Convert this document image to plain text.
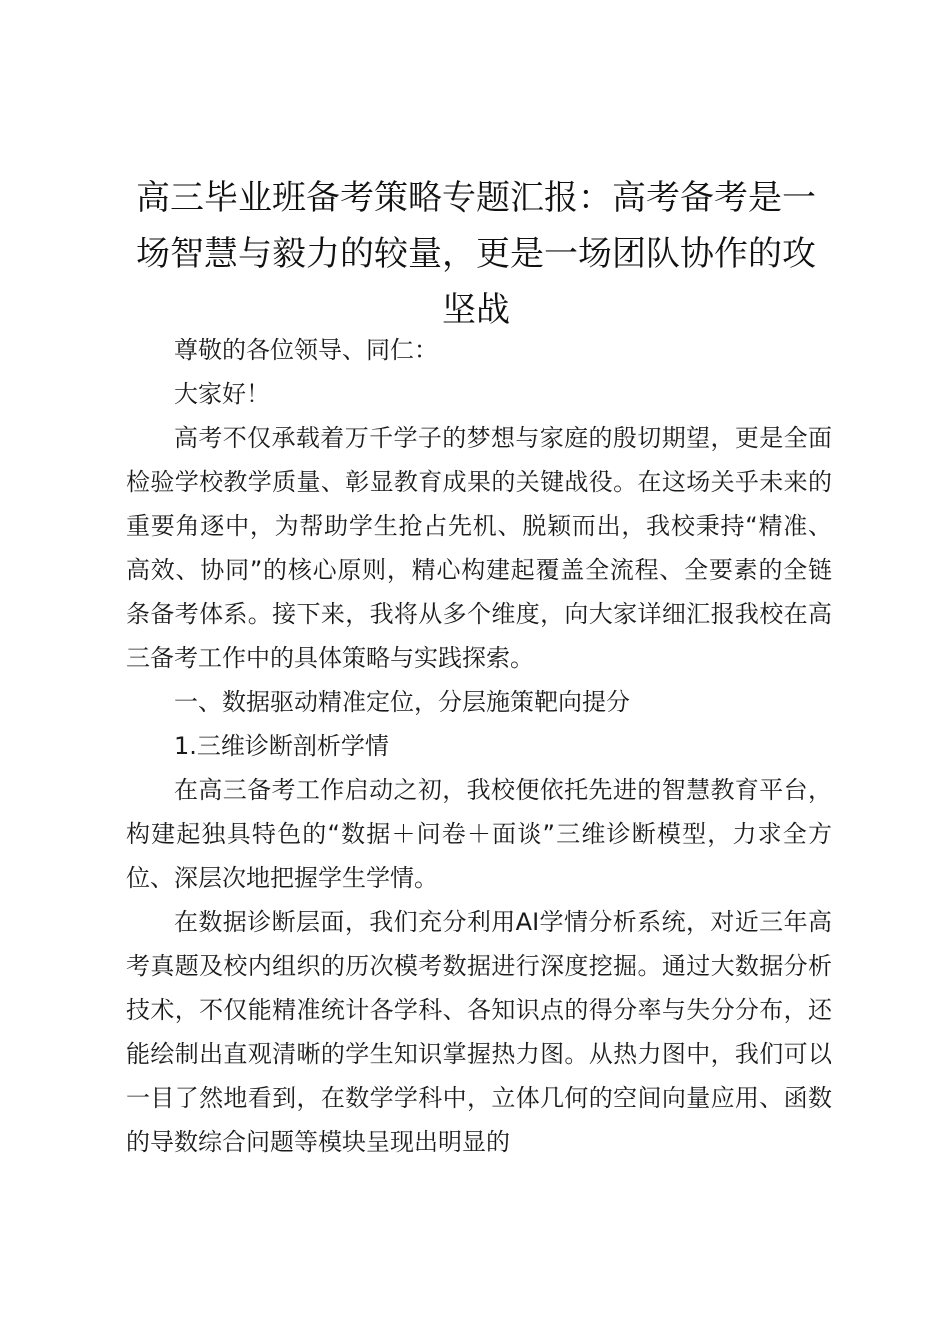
高三毕业班备考策略专题汇报：高考备考是一场智慧与毅力的较量，更是一场团队协作的攻坚战

尊敬的各位领导、同仁：

大家好！

高考不仅承载着万千学子的梦想与家庭的殷切期望，更是全面检验学校教学质量、彰显教育成果的关键战役。在这场关乎未来的重要角逐中，为帮助学生抢占先机、脱颖而出，我校秉持“精准、高效、协同”的核心原则，精心构建起覆盖全流程、全要素的全链条备考体系。接下来，我将从多个维度，向大家详细汇报我校在高三备考工作中的具体策略与实践探索。

一、数据驱动精准定位，分层施策靶向提分

1.三维诊断剖析学情

在高三备考工作启动之初，我校便依托先进的智慧教育平台，构建起独具特色的“数据＋问卷＋面谈”三维诊断模型，力求全方位、深层次地把握学生学情。

在数据诊断层面，我们充分利用AI学情分析系统，对近三年高考真题及校内组织的历次模考数据进行深度挖掘。通过大数据分析技术，不仅能精准统计各学科、各知识点的得分率与失分分布，还能绘制出直观清晰的学生知识掌握热力图。从热力图中，我们可以一目了然地看到，在数学学科中，立体几何的空间向量应用、函数的导数综合问题等模块呈现出明显的
